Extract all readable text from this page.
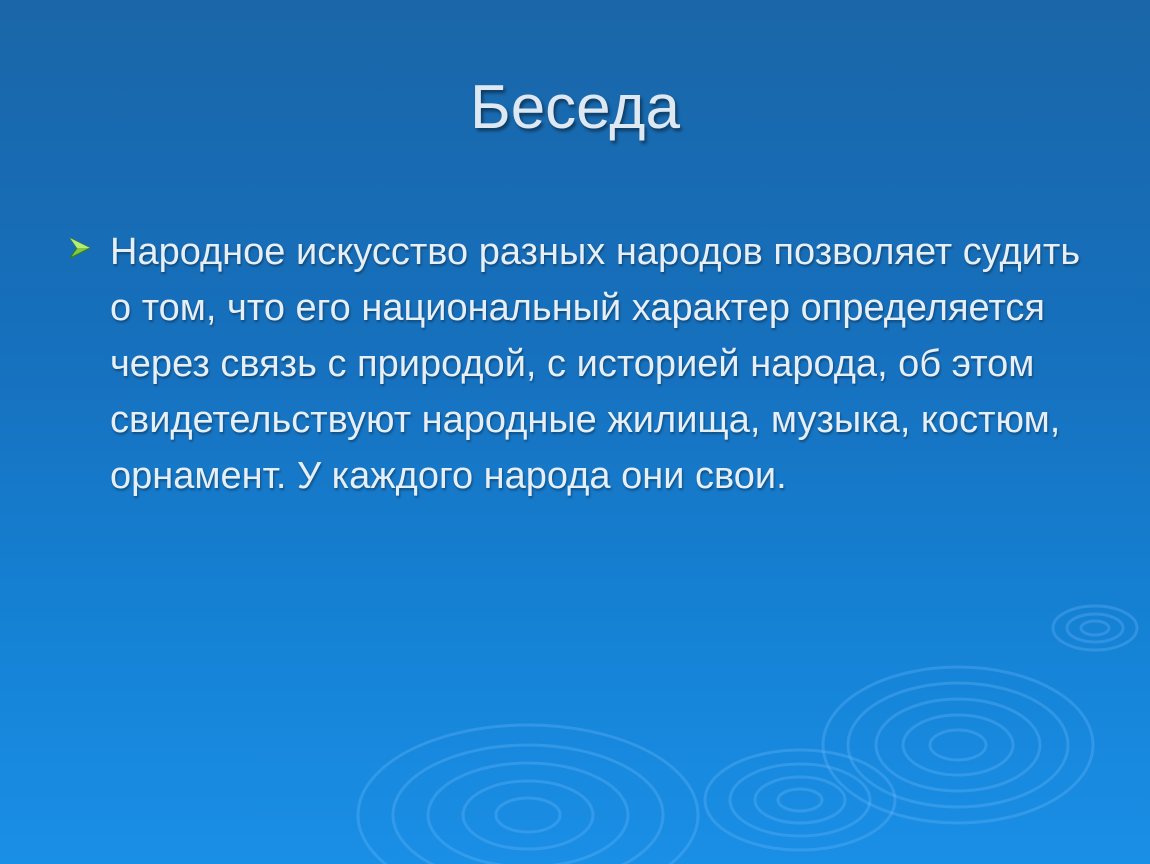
Беседа

Народное искусство разных народов позволяет судить о том, что его национальный характер определяется через связь с природой, с историей народа, об этом свидетельствуют народные жилища, музыка, костюм, орнамент. У каждого народа они свои.
